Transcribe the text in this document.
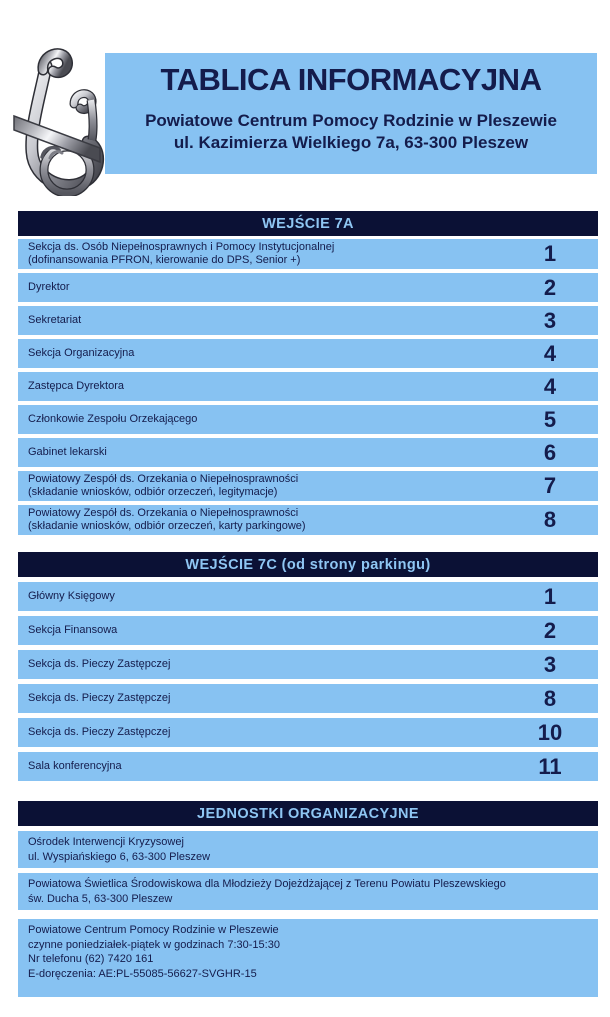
TABLICA INFORMACYJNA

Powiatowe Centrum Pomocy Rodzinie w Pleszewie

ul. Kazimierza Wielkiego 7a, 63-300 Pleszew

WEJŚCIE 7A
Sekcja ds. Osób Niepełnosprawnych i Pomocy Instytucjonalnej
(dofinansowania PFRON, kierowanie do DPS, Senior +)	1
Dyrektor	2
Sekretariat	3
Sekcja Organizacyjna	4
Zastępca Dyrektora	4
Członkowie Zespołu Orzekającego	5
Gabinet lekarski	6
Powiatowy Zespół ds. Orzekania o Niepełnosprawności
(składanie wniosków, odbiór orzeczeń, legitymacje)	7
Powiatowy Zespół ds. Orzekania o Niepełnosprawności
(składanie wniosków, odbiór orzeczeń, karty parkingowe)	8
WEJŚCIE 7C (od strony parkingu)
Główny Księgowy	1
Sekcja Finansowa	2
Sekcja ds. Pieczy Zastępczej	3
Sekcja ds. Pieczy Zastępczej	8
Sekcja ds. Pieczy Zastępczej	10
Sala konferencyjna	11
JEDNOSTKI ORGANIZACYJNE
Ośrodek Interwencji Kryzysowej
ul. Wyspiańskiego 6, 63-300 Pleszew
Powiatowa Świetlica Środowiskowa dla Młodzieży Dojeżdżającej z Terenu Powiatu Pleszewskiego
św. Ducha 5, 63-300 Pleszew
Powiatowe Centrum Pomocy Rodzinie w Pleszewie
czynne poniedziałek-piątek w godzinach 7:30-15:30
Nr telefonu (62) 7420 161
E-doręczenia: AE:PL-55085-56627-SVGHR-15
